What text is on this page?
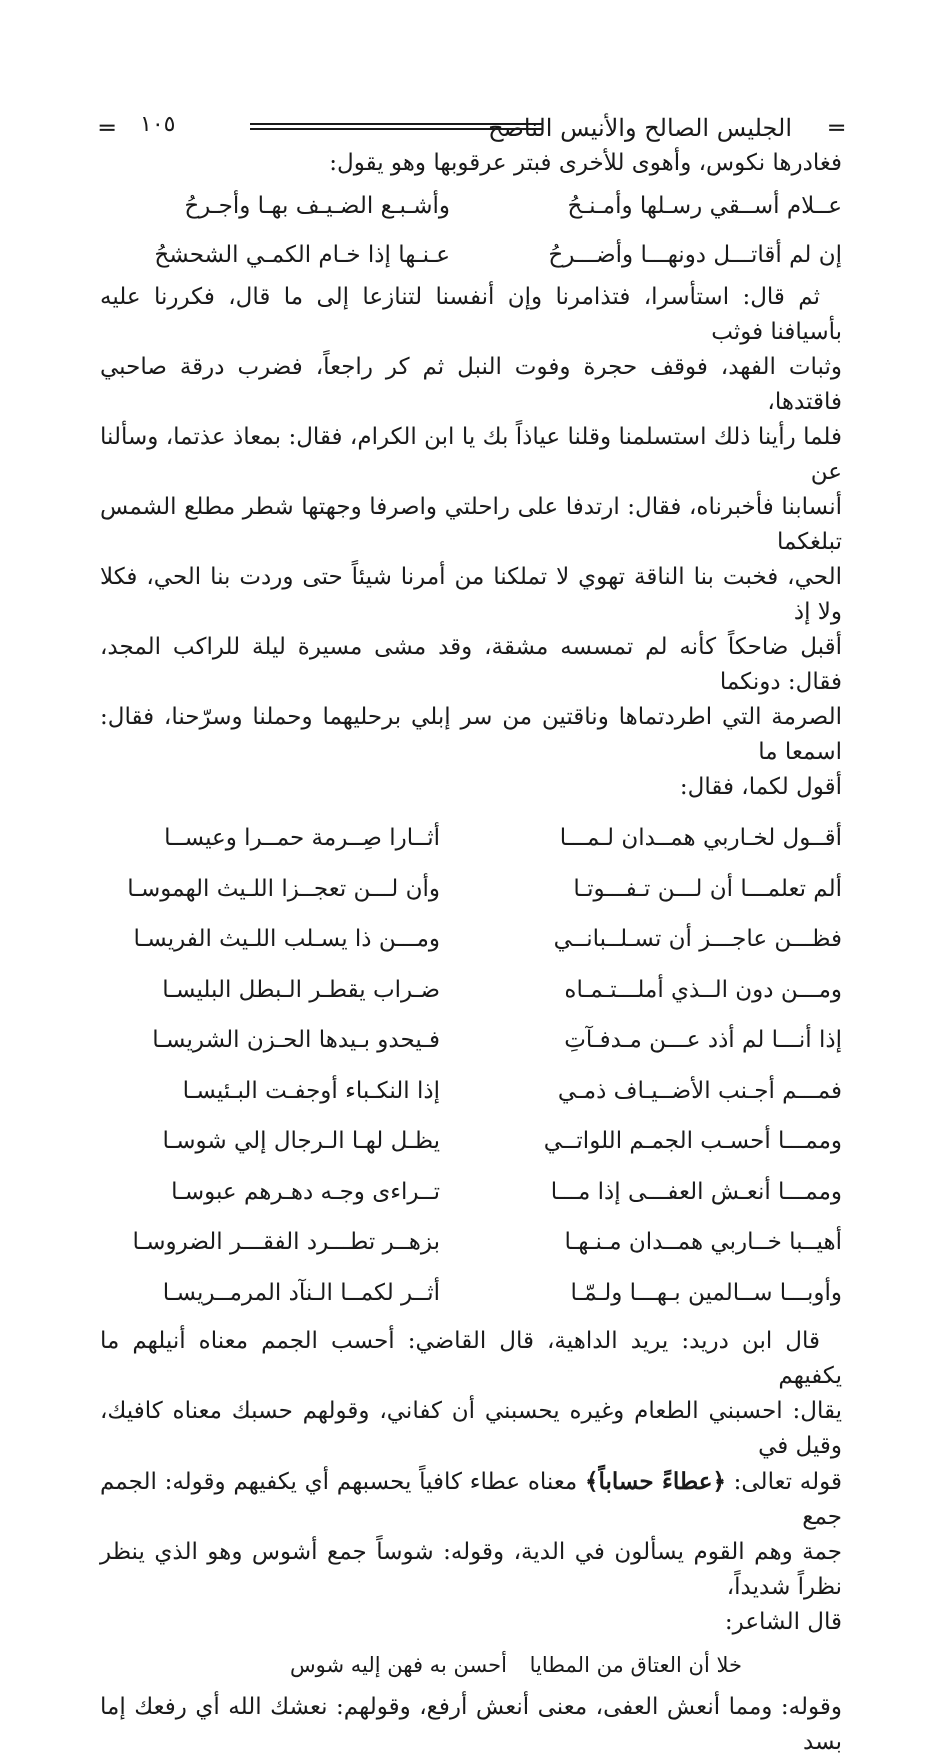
═
الجليس الصالح والأنيس الناصح
١٠٥
═
فغادرها نكوس، وأهوى للأخرى فبتر عرقوبها وهو يقول:
عــلام أســقي رسـلها وأمـنـحُ
وأشـبـع الضـيـف بهـا وأجـرحُ
إن لم أقاتـــل دونهـــا وأضـــرحُ
عـنـها إذا خـام الكمـي الشحشحُ

ثم قال: استأسرا، فتذامرنا وإن أنفسنا لتنازعا إلى ما قال، فكررنا عليه بأسيافنا فوثب

وثبات الفهد، فوقف حجرة وفوت النبل ثم كر راجعاً، فضرب درقة صاحبي فاقتدها،

فلما رأينا ذلك استسلمنا وقلنا عياذاً بك يا ابن الكرام، فقال: بمعاذ عذتما، وسألنا عن

أنسابنا فأخبرناه، فقال: ارتدفا على راحلتي واصرفا وجهتها شطر مطلع الشمس تبلغكما

الحي، فخبت بنا الناقة تهوي لا تملكنا من أمرنا شيئاً حتى وردت بنا الحي، فكلا ولا إذ

أقبل ضاحكاً كأنه لم تمسسه مشقة، وقد مشى مسيرة ليلة للراكب المجد، فقال: دونكما

الصرمة التي اطردتماها وناقتين من سر إبلي برحليهما وحملنا وسرّحنا، فقال: اسمعا ما

أقول لكما، فقال:

أقــول لخـاربي همــدان لـمـــا
أثــارا صِــرمة حمــرا وعيســا
ألم تعلمـــا أن لـــن تـفـــوتـا
وأن لـــن تعجــزا اللـيث الهموسـا
فظـــن عاجـــز أن تسـلــبانــي
ومـــن ذا يسـلب اللـيث الفريسـا
ومـــن دون الــذي أملـــتـمـاه
ضـراب يقطـر الـبطل البليسـا
إذا أنـــا لم أذد عـــن مـدفـآتِ
فـيحدو بـيدها الحـزن الشريسـا
فمـــم أجـنب الأضــيـاف ذمـي
إذا النكـباء أوجفـت البـئيسـا
وممـــا أحسـب الجمـم اللواتــي
يظـل لهـا الـرجال إلي شوسـا
وممـــا أنعـش العفـــى إذا مـــا
تــراءى وجـه دهـرهم عبوسـا
أهيــبا خــاربي همــدان مـنـهـا
بزهــر تطـــرد الفقـــر الضروسـا
وأوبـــا ســالمين بـهـــا ولـمّـا
أثــر لكمــا الـنآد المرمــريسـا

قال ابن دريد: يريد الداهية، قال القاضي: أحسب الجمم معناه أنيلهم ما يكفيهم

يقال: احسبني الطعام وغيره يحسبني أن كفاني، وقولهم حسبك معناه كافيك، وقيل في

قوله تعالى: ﴿عطاءً حساباً﴾ معناه عطاء كافياً يحسبهم أي يكفيهم وقوله: الجمم جمع

جمة وهم القوم يسألون في الدية، وقوله: شوساً جمع أشوس وهو الذي ينظر نظراً شديداً،

قال الشاعر:

خلا أن العتاق من المطايا
أحسن به فهن إليه شوس

وقوله: ومما أنعش العفى، معنى أنعش أرفع، وقولهم: نعشك الله أي رفعك إما بسد
